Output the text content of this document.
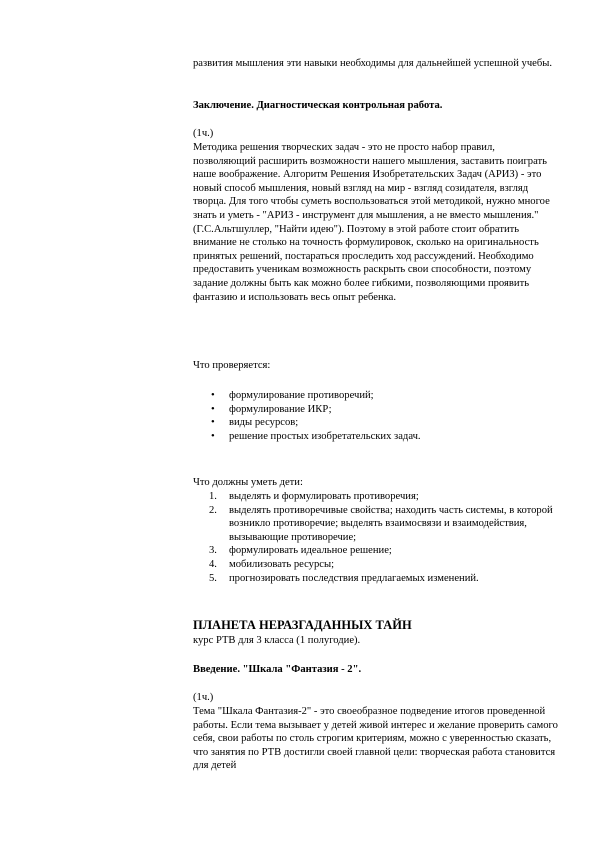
развития мышления эти навыки необходимы для дальнейшей успешной учебы.

Заключение. Диагностическая контрольная работа.

(1ч.)

Методика решения творческих задач - это не просто набор правил, позволяющий расширить возможности нашего мышления, заставить поиграть наше воображение. Алгоритм Решения Изобретательских Задач (АРИЗ) - это новый способ мышления, новый взгляд на мир - взгляд созидателя, взгляд творца. Для того чтобы суметь воспользоваться этой методикой, нужно многое знать и уметь - "АРИЗ - инструмент для мышления, а не вместо мышления." (Г.С.Альтшуллер, "Найти идею"). Поэтому в этой работе стоит обратить внимание не столько на точность формулировок, сколько на оригинальность принятых решений, постараться проследить ход рассуждений. Необходимо предоставить ученикам возможность раскрыть свои способности, поэтому задание должны быть как можно более гибкими, позволяющими проявить фантазию и использовать весь опыт ребенка.

Что проверяется:

• формулирование противоречий;
• формулирование ИКР;
• виды ресурсов;
• решение простых изобретательских задач.

Что должны уметь дети:

1. выделять и формулировать противоречия;
2. выделять противоречивые свойства; находить часть системы, в которой возникло противоречие; выделять взаимосвязи и взаимодействия, вызывающие противоречие;
3. формулировать идеальное решение;
4. мобилизовать ресурсы;
5. прогнозировать последствия предлагаемых изменений.

ПЛАНЕТА НЕРАЗГАДАННЫХ ТАЙН

курс РТВ для 3 класса (1 полугодие).

Введение. "Шкала "Фантазия - 2".

(1ч.)

Тема "Шкала Фантазия-2" - это своеобразное подведение итогов проведенной работы. Если тема вызывает у детей живой интерес и желание проверить самого себя, свои работы по столь строгим критериям, можно с уверенностью сказать, что занятия по РТВ достигли своей главной цели: творческая работа становится для детей
